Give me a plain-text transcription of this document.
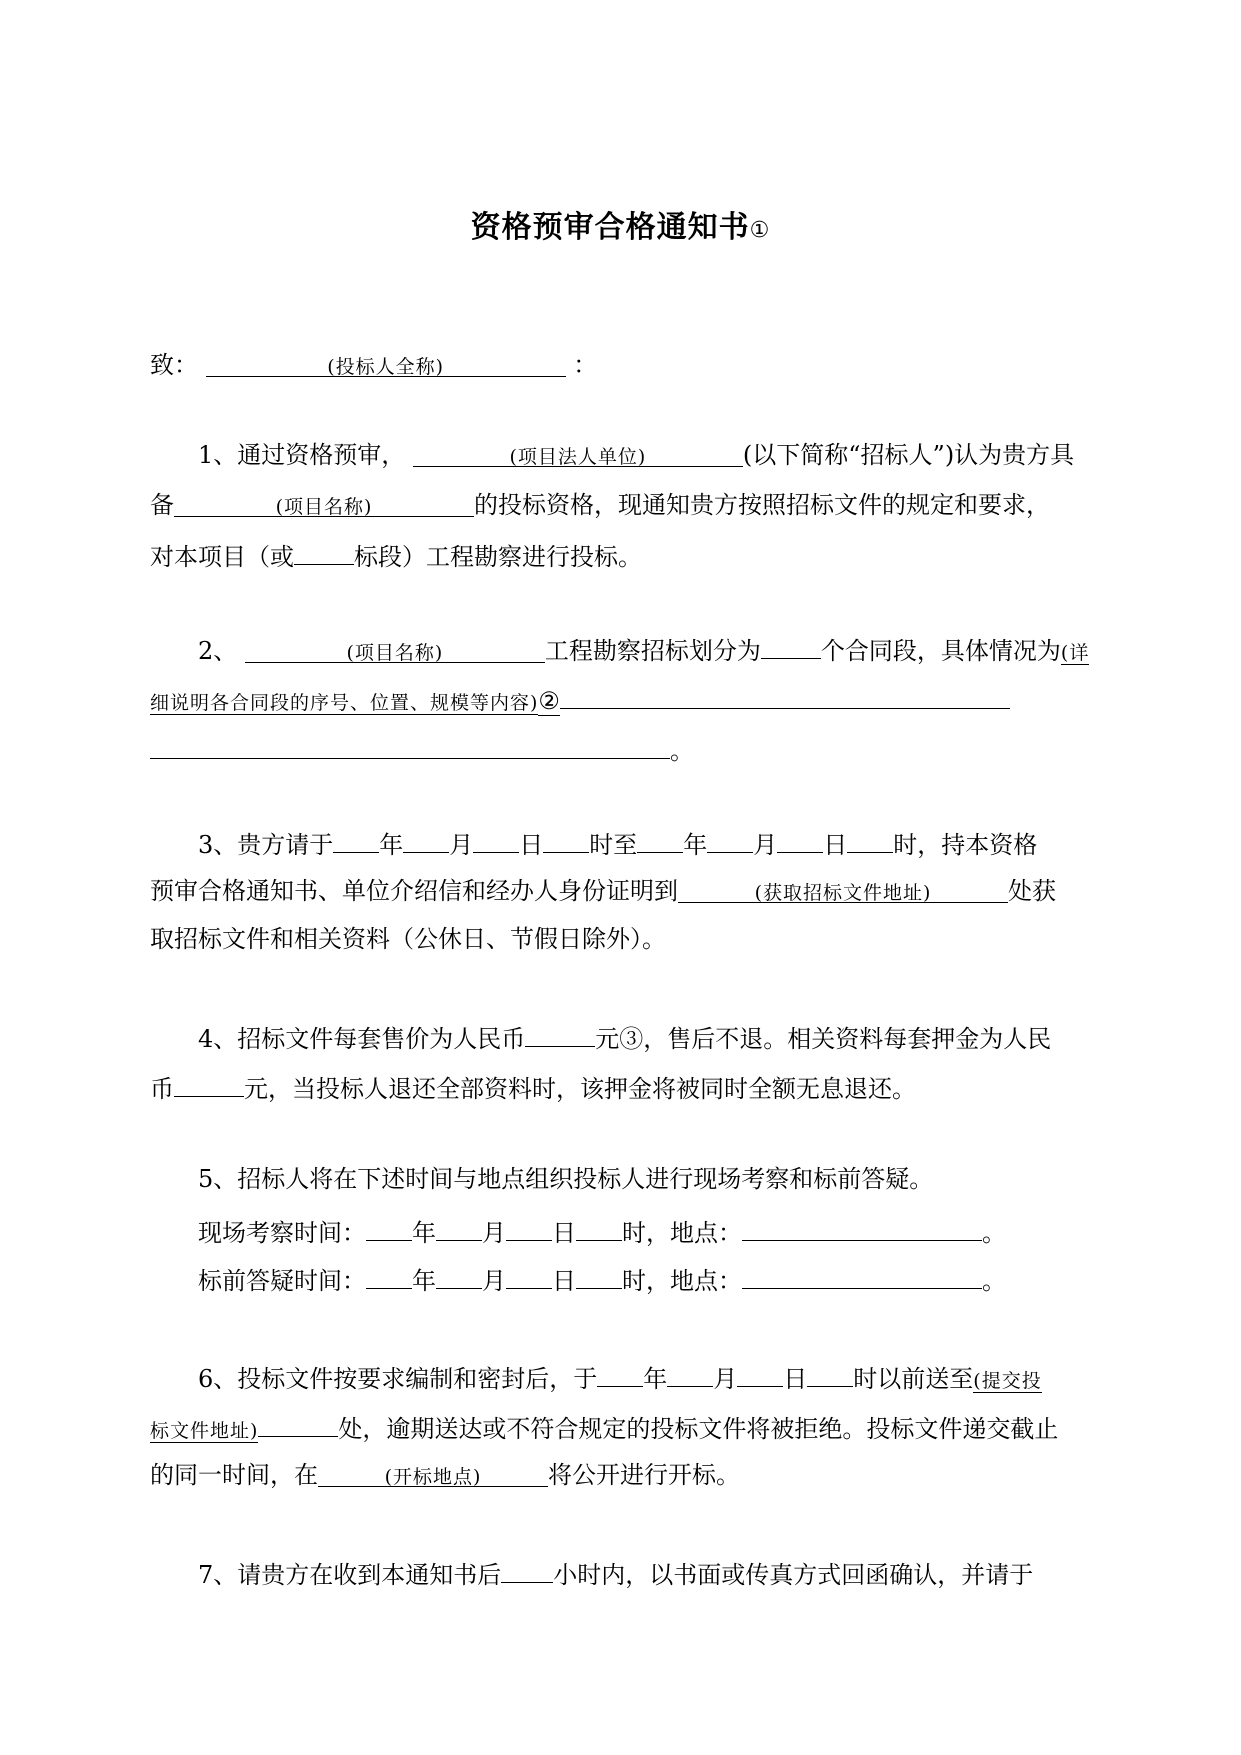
资格预审合格通知书①
致：	(投标人全称)	：
1、通过资格预审，	(项目法人单位)	(以下简称“招标人”)认为贵方具
备	(项目名称)	的投标资格，现通知贵方按照招标文件的规定和要求，
对本项目（或	标段）工程勘察进行投标。
2、	(项目名称)	工程勘察招标划分为	个合同段，具体情况为(详
细说明各合同段的序号、位置、规模等内容)②
。
3、贵方请于 年 月 日 时至 年 月 日 时，持本资格
预审合格通知书、单位介绍信和经办人身份证明到	(获取招标文件地址)	处获
取招标文件和相关资料（公休日、节假日除外）。
4、招标文件每套售价为人民币	元③，售后不退。相关资料每套押金为人民
币	元，当投标人退还全部资料时，该押金将被同时全额无息退还。
5、招标人将在下述时间与地点组织投标人进行现场考察和标前答疑。
现场考察时间： 年 月 日 时，地点：	。
标前答疑时间： 年 月 日 时，地点：	。
6、投标文件按要求编制和密封后，于 年 月 日 时以前送至(提交投
标文件地址)	处，逾期送达或不符合规定的投标文件将被拒绝。投标文件递交截止
的同一时间，在	(开标地点)	将公开进行开标。
7、请贵方在收到本通知书后 小时内，以书面或传真方式回函确认，并请于
